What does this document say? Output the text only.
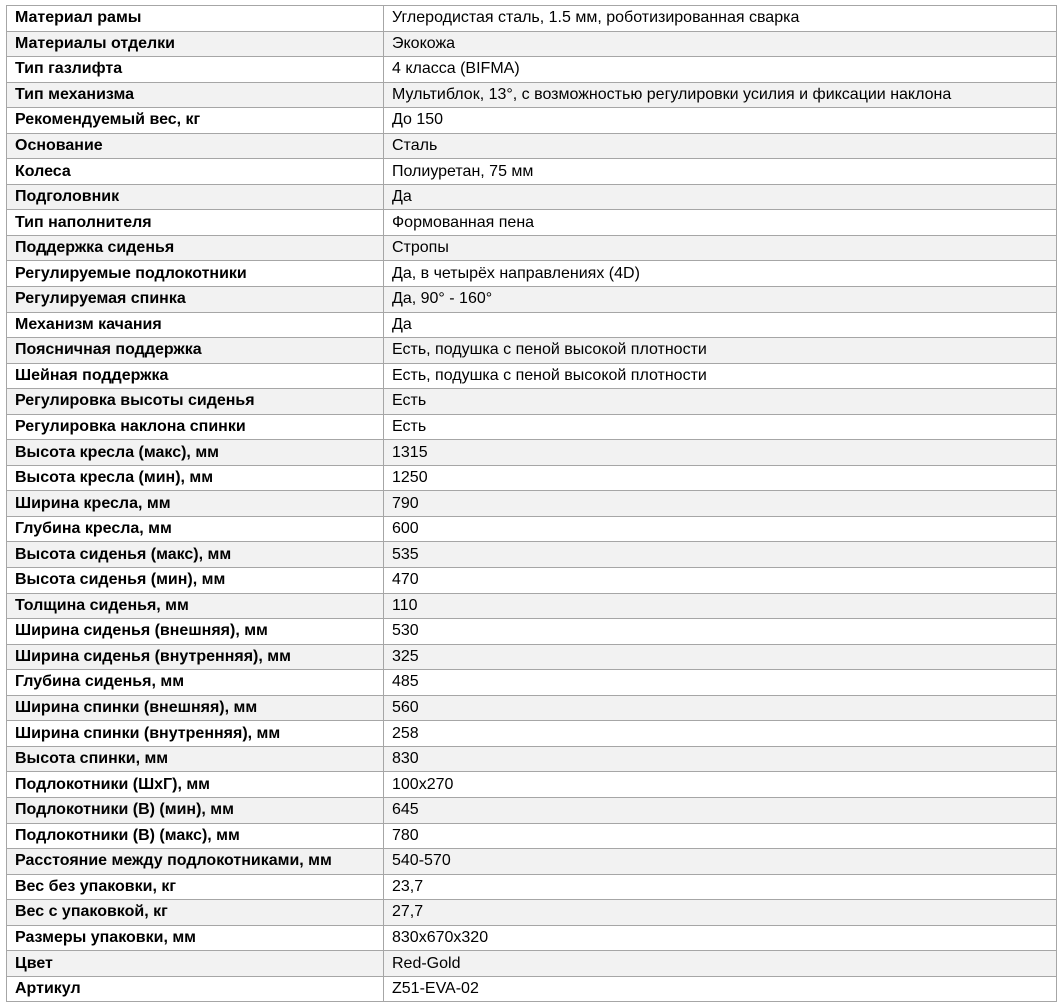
Материал рамы	Углеродистая сталь, 1.5 мм, роботизированная сварка
Материалы отделки	Экокожа
Тип газлифта	4 класса (BIFMA)
Тип механизма	Мультиблок, 13°, с возможностью регулировки усилия и фиксации наклона
Рекомендуемый вес, кг	До 150
Основание	Сталь
Колеса	Полиуретан, 75 мм
Подголовник	Да
Тип наполнителя	Формованная пена
Поддержка сиденья	Стропы
Регулируемые подлокотники	Да, в четырёх направлениях (4D)
Регулируемая спинка	Да, 90° - 160°
Механизм качания	Да
Поясничная поддержка	Есть, подушка с пеной высокой плотности
Шейная поддержка	Есть, подушка с пеной высокой плотности
Регулировка высоты сиденья	Есть
Регулировка наклона спинки	Есть
Высота кресла (макс), мм	1315
Высота кресла (мин), мм	1250
Ширина кресла, мм	790
Глубина кресла, мм	600
Высота сиденья (макс), мм	535
Высота сиденья (мин), мм	470
Толщина сиденья, мм	110
Ширина сиденья (внешняя), мм	530
Ширина сиденья (внутренняя), мм	325
Глубина сиденья, мм	485
Ширина спинки (внешняя), мм	560
Ширина спинки (внутренняя), мм	258
Высота спинки, мм	830
Подлокотники (ШхГ), мм	100x270
Подлокотники (В) (мин), мм	645
Подлокотники (В) (макс), мм	780
Расстояние между подлокотниками, мм	540-570
Вес без упаковки, кг	23,7
Вес с упаковкой, кг	27,7
Размеры упаковки, мм	830x670x320
Цвет	Red-Gold
Артикул	Z51-EVA-02
